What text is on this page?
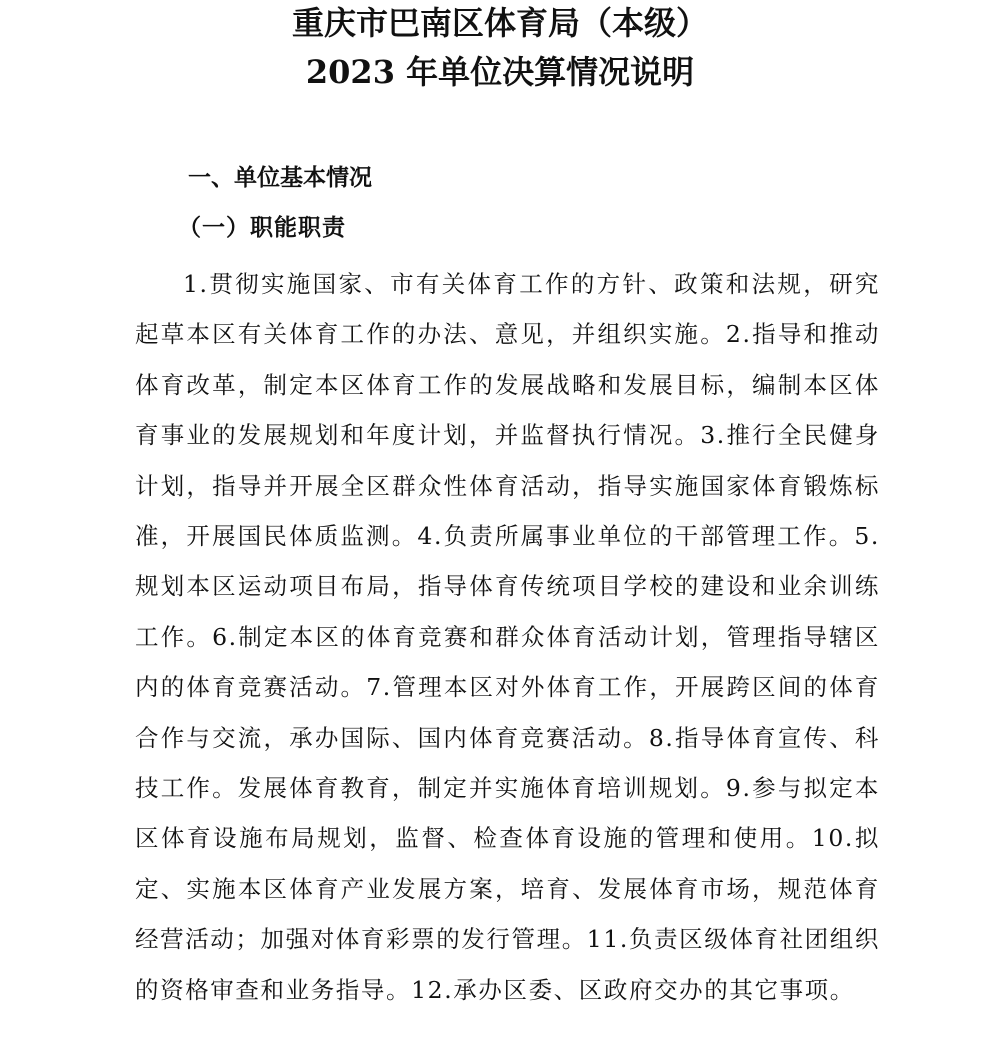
重庆市巴南区体育局（本级）
2023 年单位决算情况说明
一、单位基本情况
（一）职能职责

1.贯彻实施国家、市有关体育工作的方针、政策和法规，研究起草本区有关体育工作的办法、意见，并组织实施。2.指导和推动体育改革，制定本区体育工作的发展战略和发展目标，编制本区体育事业的发展规划和年度计划，并监督执行情况。3.推行全民健身计划，指导并开展全区群众性体育活动，指导实施国家体育锻炼标准，开展国民体质监测。4.负责所属事业单位的干部管理工作。5.规划本区运动项目布局，指导体育传统项目学校的建设和业余训练工作。6.制定本区的体育竞赛和群众体育活动计划，管理指导辖区内的体育竞赛活动。7.管理本区对外体育工作，开展跨区间的体育合作与交流，承办国际、国内体育竞赛活动。8.指导体育宣传、科技工作。发展体育教育，制定并实施体育培训规划。9.参与拟定本区体育设施布局规划，监督、检查体育设施的管理和使用。10.拟定、实施本区体育产业发展方案，培育、发展体育市场，规范体育经营活动；加强对体育彩票的发行管理。11.负责区级体育社团组织的资格审查和业务指导。12.承办区委、区政府交办的其它事项。
